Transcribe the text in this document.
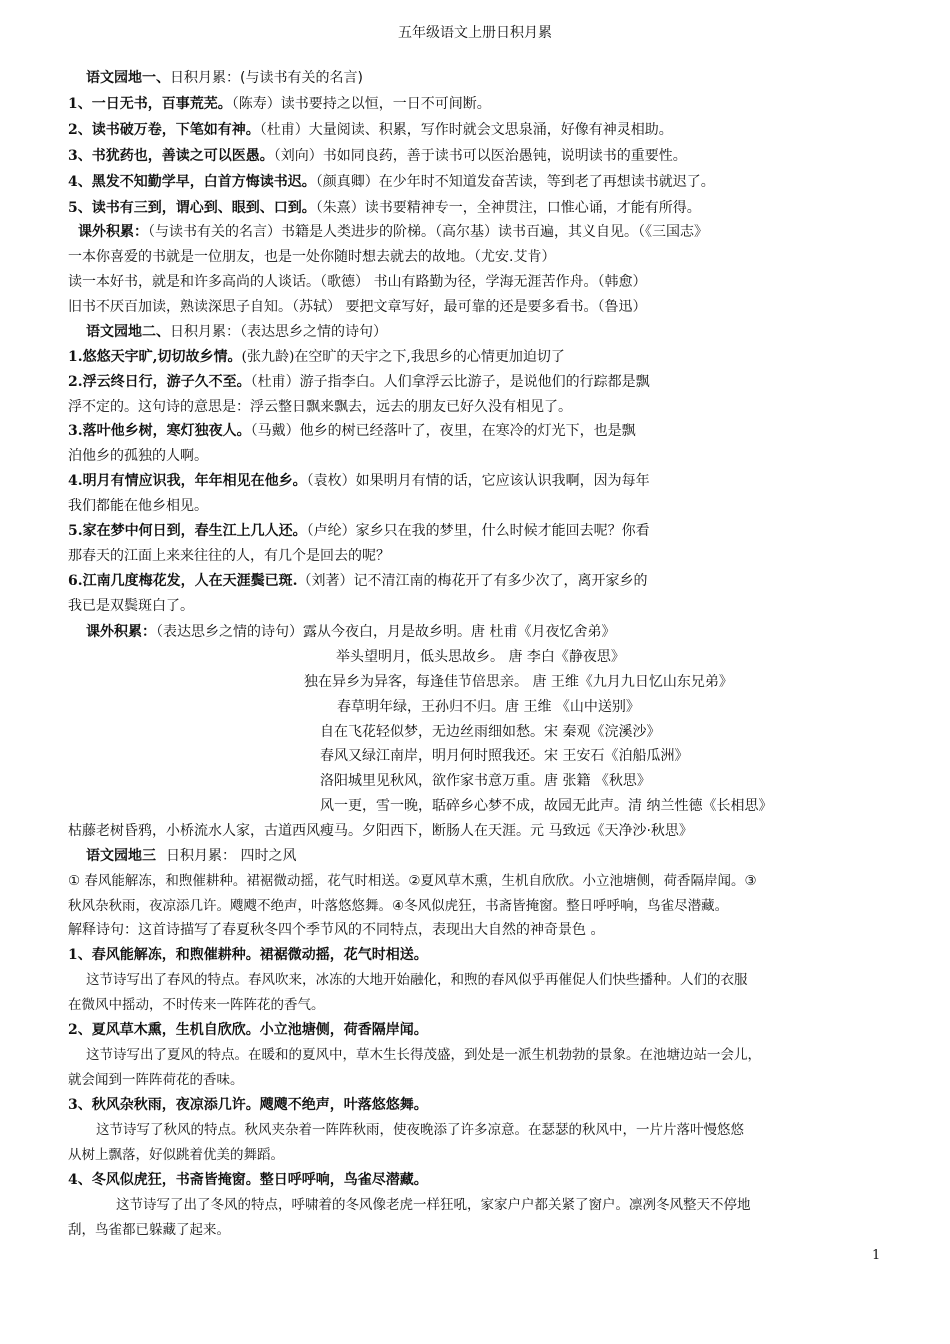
五年级语文上册日积月累
语文园地一、日积月累：(与读书有关的名言)
1、一日无书，百事荒芜。（陈寿）读书要持之以恒，一日不可间断。
2、读书破万卷，下笔如有神。（杜甫）大量阅读、积累，写作时就会文思泉涌，好像有神灵相助。
3、书犹药也，善读之可以医愚。（刘向）书如同良药，善于读书可以医治愚钝，说明读书的重要性。
4、黑发不知勤学早，白首方悔读书迟。（颜真卿）在少年时不知道发奋苦读，等到老了再想读书就迟了。
5、读书有三到，谓心到、眼到、口到。（朱熹）读书要精神专一，全神贯注，口惟心诵，才能有所得。
课外积累：（与读书有关的名言）书籍是人类进步的阶梯。（高尔基）读书百遍，其义自见。（《三国志》
一本你喜爱的书就是一位朋友，也是一处你随时想去就去的故地。（尤安.艾肯）
读一本好书，就是和许多高尚的人谈话。（歌德） 书山有路勤为径，学海无涯苦作舟。（韩愈）
旧书不厌百加读，熟读深思子自知。（苏轼） 要把文章写好，最可靠的还是要多看书。（鲁迅）
语文园地二、日积月累：（表达思乡之情的诗句）
1.悠悠天宇旷,切切故乡情。(张九龄)在空旷的天宇之下,我思乡的心情更加迫切了
2.浮云终日行，游子久不至。（杜甫）游子指李白。人们拿浮云比游子，是说他们的行踪都是飘
浮不定的。这句诗的意思是：浮云整日飘来飘去，远去的朋友已好久没有相见了。
3.落叶他乡树，寒灯独夜人。（马戴）他乡的树已经落叶了，夜里，在寒冷的灯光下，也是飘
泊他乡的孤独的人啊。
4.明月有情应识我，年年相见在他乡。（袁枚）如果明月有情的话，它应该认识我啊，因为每年
我们都能在他乡相见。
5.家在梦中何日到，春生江上几人还。（卢纶）家乡只在我的梦里，什么时候才能回去呢？你看
那春天的江面上来来往往的人，有几个是回去的呢？
6.江南几度梅花发，人在天涯鬓已斑.（刘著）记不清江南的梅花开了有多少次了，离开家乡的
我已是双鬓斑白了。
课外积累：（表达思乡之情的诗句）露从今夜白，月是故乡明。唐 杜甫《月夜忆舍弟》
举头望明月，低头思故乡。 唐 李白《静夜思》
独在异乡为异客，每逢佳节倍思亲。 唐 王维《九月九日忆山东兄弟》
春草明年绿，王孙归不归。唐 王维 《山中送别》
自在飞花轻似梦，无边丝雨细如愁。宋 秦观《浣溪沙》
春风又绿江南岸，明月何时照我还。宋 王安石《泊船瓜洲》
洛阳城里见秋风，欲作家书意万重。唐 张籍 《秋思》
风一更，雪一晚，聒碎乡心梦不成，故园无此声。清 纳兰性德《长相思》
枯藤老树昏鸦，小桥流水人家，古道西风瘦马。夕阳西下，断肠人在天涯。元 马致远《天净沙·秋思》
语文园地三 日积月累： 四时之风
① 春风能解冻，和煦催耕种。裙裾微动摇，花气时相送。②夏风草木熏，生机自欣欣。小立池塘侧，荷香隔岸闻。③
秋风杂秋雨，夜凉添几许。飕飕不绝声，叶落悠悠舞。④冬风似虎狂，书斋皆掩窗。整日呼呼响，鸟雀尽潜藏。
解释诗句：这首诗描写了春夏秋冬四个季节风的不同特点，表现出大自然的神奇景色 。
1、春风能解冻，和煦催耕种。裙裾微动摇，花气时相送。
这节诗写出了春风的特点。春风吹来，冰冻的大地开始融化，和煦的春风似乎再催促人们快些播种。人们的衣服
在微风中摇动，不时传来一阵阵花的香气。
2、夏风草木熏，生机自欣欣。小立池塘侧，荷香隔岸闻。
这节诗写出了夏风的特点。在暖和的夏风中，草木生长得茂盛，到处是一派生机勃勃的景象。在池塘边站一会儿，
就会闻到一阵阵荷花的香味。
3、秋风杂秋雨，夜凉添几许。飕飕不绝声，叶落悠悠舞。
这节诗写了秋风的特点。秋风夹杂着一阵阵秋雨，使夜晚添了许多凉意。在瑟瑟的秋风中，一片片落叶慢悠悠
从树上飘落，好似跳着优美的舞蹈。
4、冬风似虎狂，书斋皆掩窗。整日呼呼响，鸟雀尽潜藏。
这节诗写了出了冬风的特点，呼啸着的冬风像老虎一样狂吼，家家户户都关紧了窗户。凛冽冬风整天不停地
刮，鸟雀都已躲藏了起来。
1
